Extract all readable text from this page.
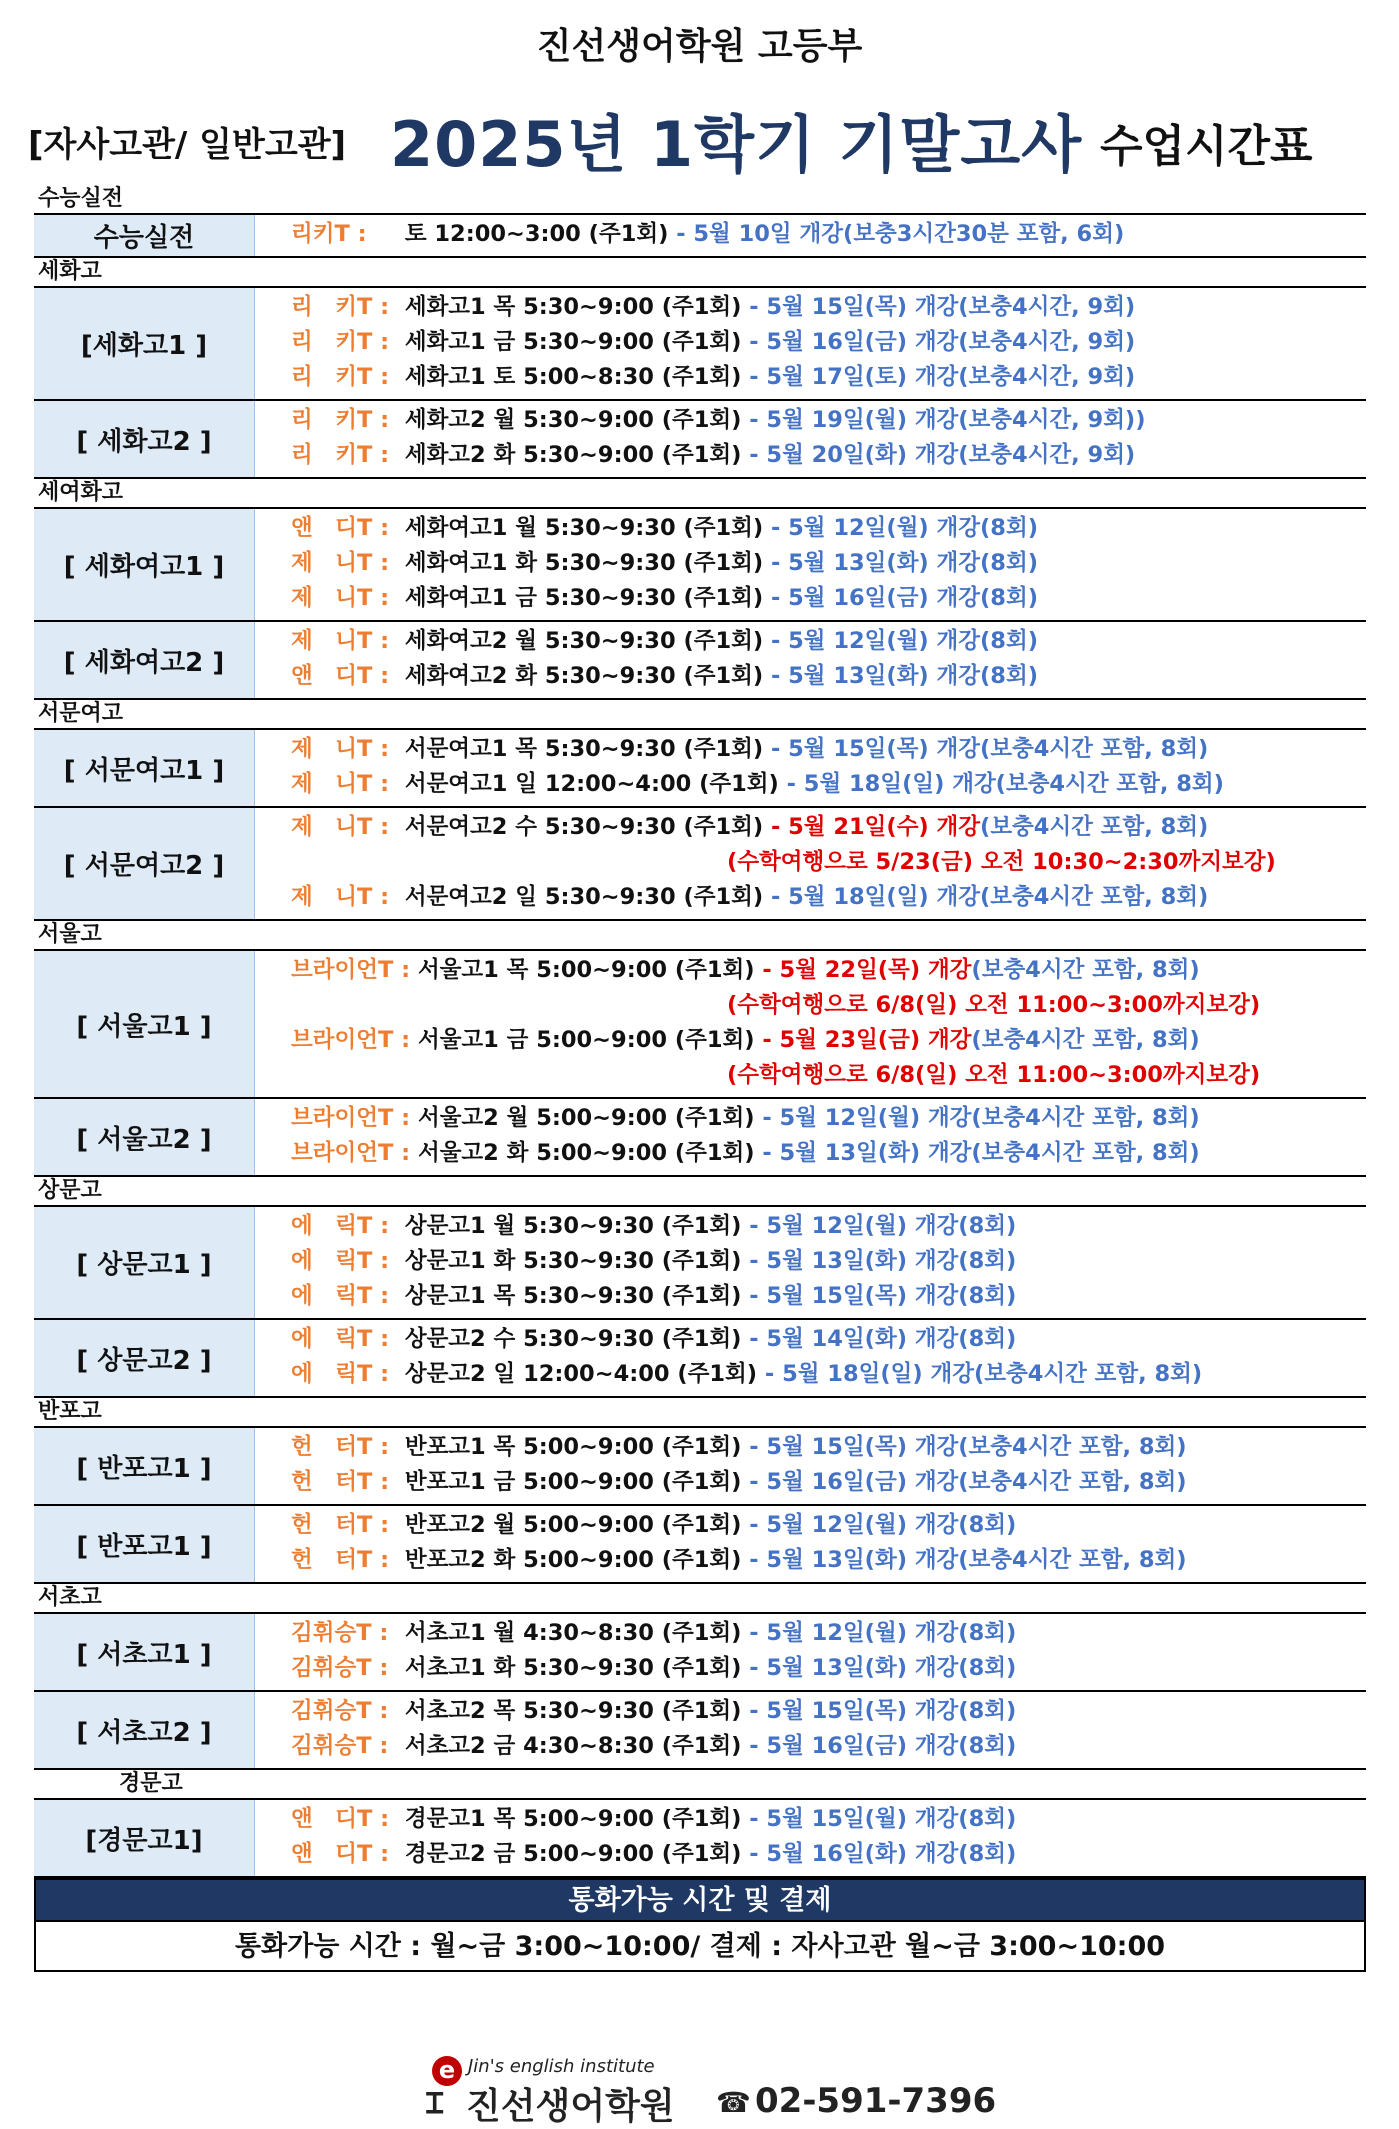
진선생어학원 고등부
[자사고관/ 일반고관] 2025년 1학기 기말고사 수업시간표
수능실전
수능실전	리키T : 토 12:00~3:00 (주1회) - 5월 10일 개강(보충3시간30분 포함, 6회)
세화고
[세화고1 ]
리　키T : 세화고1 목 5:30~9:00 (주1회) - 5월 15일(목) 개강(보충4시간, 9회)
리　키T : 세화고1 금 5:30~9:00 (주1회) - 5월 16일(금) 개강(보충4시간, 9회)
리　키T : 세화고1 토 5:00~8:30 (주1회) - 5월 17일(토) 개강(보충4시간, 9회)
[ 세화고2 ]
리　키T : 세화고2 월 5:30~9:00 (주1회) - 5월 19일(월) 개강(보충4시간, 9회))
리　키T : 세화고2 화 5:30~9:00 (주1회) - 5월 20일(화) 개강(보충4시간, 9회)
세여화고
[ 세화여고1 ]
앤　디T : 세화여고1 월 5:30~9:30 (주1회) - 5월 12일(월) 개강(8회)
제　니T : 세화여고1 화 5:30~9:30 (주1회) - 5월 13일(화) 개강(8회)
제　니T : 세화여고1 금 5:30~9:30 (주1회) - 5월 16일(금) 개강(8회)
[ 세화여고2 ]
제　니T : 세화여고2 월 5:30~9:30 (주1회) - 5월 12일(월) 개강(8회)
앤　디T : 세화여고2 화 5:30~9:30 (주1회) - 5월 13일(화) 개강(8회)
서문여고
[ 서문여고1 ]
제　니T : 서문여고1 목 5:30~9:30 (주1회) - 5월 15일(목) 개강(보충4시간 포함, 8회)
제　니T : 서문여고1 일 12:00~4:00 (주1회) - 5월 18일(일) 개강(보충4시간 포함, 8회)
[ 서문여고2 ]
제　니T : 서문여고2 수 5:30~9:30 (주1회) - 5월 21일(수) 개강(보충4시간 포함, 8회)
(수학여행으로 5/23(금) 오전 10:30~2:30까지보강)
제　니T : 서문여고2 일 5:30~9:30 (주1회) - 5월 18일(일) 개강(보충4시간 포함, 8회)
서울고
[ 서울고1 ]
브라이언T : 서울고1 목 5:00~9:00 (주1회) - 5월 22일(목) 개강(보충4시간 포함, 8회)
(수학여행으로 6/8(일) 오전 11:00~3:00까지보강)
브라이언T : 서울고1 금 5:00~9:00 (주1회) - 5월 23일(금) 개강(보충4시간 포함, 8회)
(수학여행으로 6/8(일) 오전 11:00~3:00까지보강)
[ 서울고2 ]
브라이언T : 서울고2 월 5:00~9:00 (주1회) - 5월 12일(월) 개강(보충4시간 포함, 8회)
브라이언T : 서울고2 화 5:00~9:00 (주1회) - 5월 13일(화) 개강(보충4시간 포함, 8회)
상문고
[ 상문고1 ]
에　릭T : 상문고1 월 5:30~9:30 (주1회) - 5월 12일(월) 개강(8회)
에　릭T : 상문고1 화 5:30~9:30 (주1회) - 5월 13일(화) 개강(8회)
에　릭T : 상문고1 목 5:30~9:30 (주1회) - 5월 15일(목) 개강(8회)
[ 상문고2 ]
에　릭T : 상문고2 수 5:30~9:30 (주1회) - 5월 14일(화) 개강(8회)
에　릭T : 상문고2 일 12:00~4:00 (주1회) - 5월 18일(일) 개강(보충4시간 포함, 8회)
반포고
[ 반포고1 ]
헌　터T : 반포고1 목 5:00~9:00 (주1회) - 5월 15일(목) 개강(보충4시간 포함, 8회)
헌　터T : 반포고1 금 5:00~9:00 (주1회) - 5월 16일(금) 개강(보충4시간 포함, 8회)
[ 반포고1 ]
헌　터T : 반포고2 월 5:00~9:00 (주1회) - 5월 12일(월) 개강(8회)
헌　터T : 반포고2 화 5:00~9:00 (주1회) - 5월 13일(화) 개강(보충4시간 포함, 8회)
서초고
[ 서초고1 ]
김휘승T : 서초고1 월 4:30~8:30 (주1회) - 5월 12일(월) 개강(8회)
김휘승T : 서초고1 화 5:30~9:30 (주1회) - 5월 13일(화) 개강(8회)
[ 서초고2 ]
김휘승T : 서초고2 목 5:30~9:30 (주1회) - 5월 15일(목) 개강(8회)
김휘승T : 서초고2 금 4:30~8:30 (주1회) - 5월 16일(금) 개강(8회)
경문고
[경문고1]
앤　디T : 경문고1 목 5:00~9:00 (주1회) - 5월 15일(월) 개강(8회)
앤　디T : 경문고2 금 5:00~9:00 (주1회) - 5월 16일(화) 개강(8회)
통화가능 시간 및 결제
통화가능 시간 : 월~금 3:00~10:00/ 결제 : 자사고관 월~금 3:00~10:00
e
Ꮖ
Jin's english institute
진선생어학원 ☎ 02-591-7396
